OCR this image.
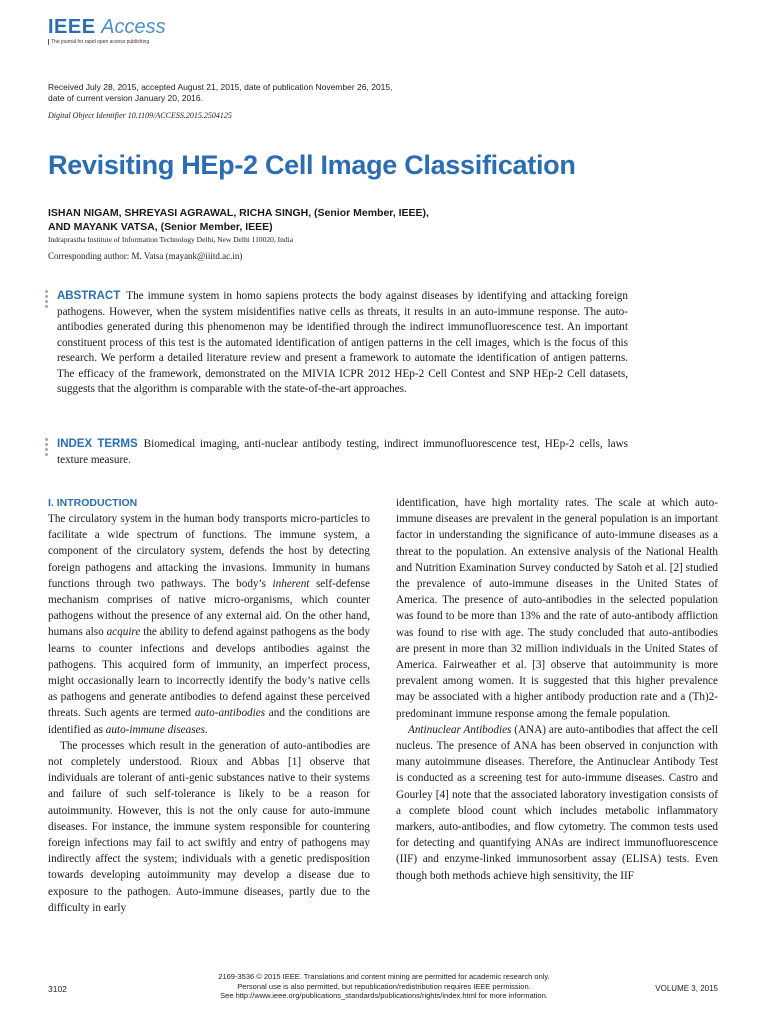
IEEE Access
The journal for rapid open access publishing
Received July 28, 2015, accepted August 21, 2015, date of publication November 26, 2015,
date of current version January 20, 2016.
Digital Object Identifier 10.1109/ACCESS.2015.2504125
Revisiting HEp-2 Cell Image Classification
ISHAN NIGAM, SHREYASI AGRAWAL, RICHA SINGH, (Senior Member, IEEE),
AND MAYANK VATSA, (Senior Member, IEEE)
Indraprastha Institute of Information Technology Delhi, New Delhi 110020, India
Corresponding author: M. Vatsa (mayank@iiitd.ac.in)

ABSTRACT The immune system in homo sapiens protects the body against diseases by identifying and attacking foreign pathogens. However, when the system misidentifies native cells as threats, it results in an auto-immune response. The auto-antibodies generated during this phenomenon may be identified through the indirect immunofluorescence test. An important constituent process of this test is the automated identification of antigen patterns in the cell images, which is the focus of this research. We perform a detailed literature review and present a framework to automate the identification of antigen patterns. The efficacy of the framework, demonstrated on the MIVIA ICPR 2012 HEp-2 Cell Contest and SNP HEp-2 Cell datasets, suggests that the algorithm is comparable with the state-of-the-art approaches.

INDEX TERMS Biomedical imaging, anti-nuclear antibody testing, indirect immunofluorescence test, HEp-2 cells, laws texture measure.

I. INTRODUCTION

The circulatory system in the human body transports micro-particles to facilitate a wide spectrum of functions. The immune system, a component of the circulatory system, defends the host by detecting foreign pathogens and attacking the invasions. Immunity in humans functions through two pathways. The body’s inherent self-defense mechanism comprises of native micro-organisms, which counter pathogens without the presence of any external aid. On the other hand, humans also acquire the ability to defend against pathogens as the body learns to counter infections and develops antibodies against the pathogens. This acquired form of immunity, an imperfect process, might occasionally learn to incorrectly identify the body’s native cells as pathogens and generate antibodies to defend against these perceived threats. Such agents are termed auto-antibodies and the conditions are identified as auto-immune diseases.

The processes which result in the generation of auto-antibodies are not completely understood. Rioux and Abbas [1] observe that individuals are tolerant of anti-genic substances native to their systems and failure of such self-tolerance is likely to be a reason for autoimmunity. However, this is not the only cause for auto-immune diseases. For instance, the immune system responsible for countering foreign infections may fail to act swiftly and entry of pathogens may indirectly affect the system; individuals with a genetic predisposition towards developing autoimmunity may develop a disease due to exposure to the pathogen. Auto-immune diseases, partly due to the difficulty in early

identification, have high mortality rates. The scale at which auto-immune diseases are prevalent in the general population is an important factor in understanding the significance of auto-immune diseases as a threat to the population. An extensive analysis of the National Health and Nutrition Examination Survey conducted by Satoh et al. [2] studied the prevalence of auto-immune diseases in the United States of America. The presence of auto-antibodies in the selected population was found to be more than 13% and the rate of auto-antibody affliction was found to rise with age. The study concluded that auto-antibodies are present in more than 32 million individuals in the United States of America. Fairweather et al. [3] observe that autoimmunity is more prevalent among women. It is suggested that this higher prevalence may be associated with a higher antibody production rate and a (Th)2-predominant immune response among the female population.

Antinuclear Antibodies (ANA) are auto-antibodies that affect the cell nucleus. The presence of ANA has been observed in conjunction with many autoimmune diseases. Therefore, the Antinuclear Antibody Test is conducted as a screening test for auto-immune diseases. Castro and Gourley [4] note that the associated laboratory investigation consists of a complete blood count which includes metabolic inflammatory markers, auto-antibodies, and flow cytometry. The common tests used for detecting and quantifying ANAs are indirect immunofluorescence (IIF) and enzyme-linked immunosorbent assay (ELISA) tests. Even though both methods achieve high sensitivity, the IIF

3102
2169-3536 © 2015 IEEE. Translations and content mining are permitted for academic research only.
Personal use is also permitted, but republication/redistribution requires IEEE permission.
See http://www.ieee.org/publications_standards/publications/rights/index.html for more information.
VOLUME 3, 2015
